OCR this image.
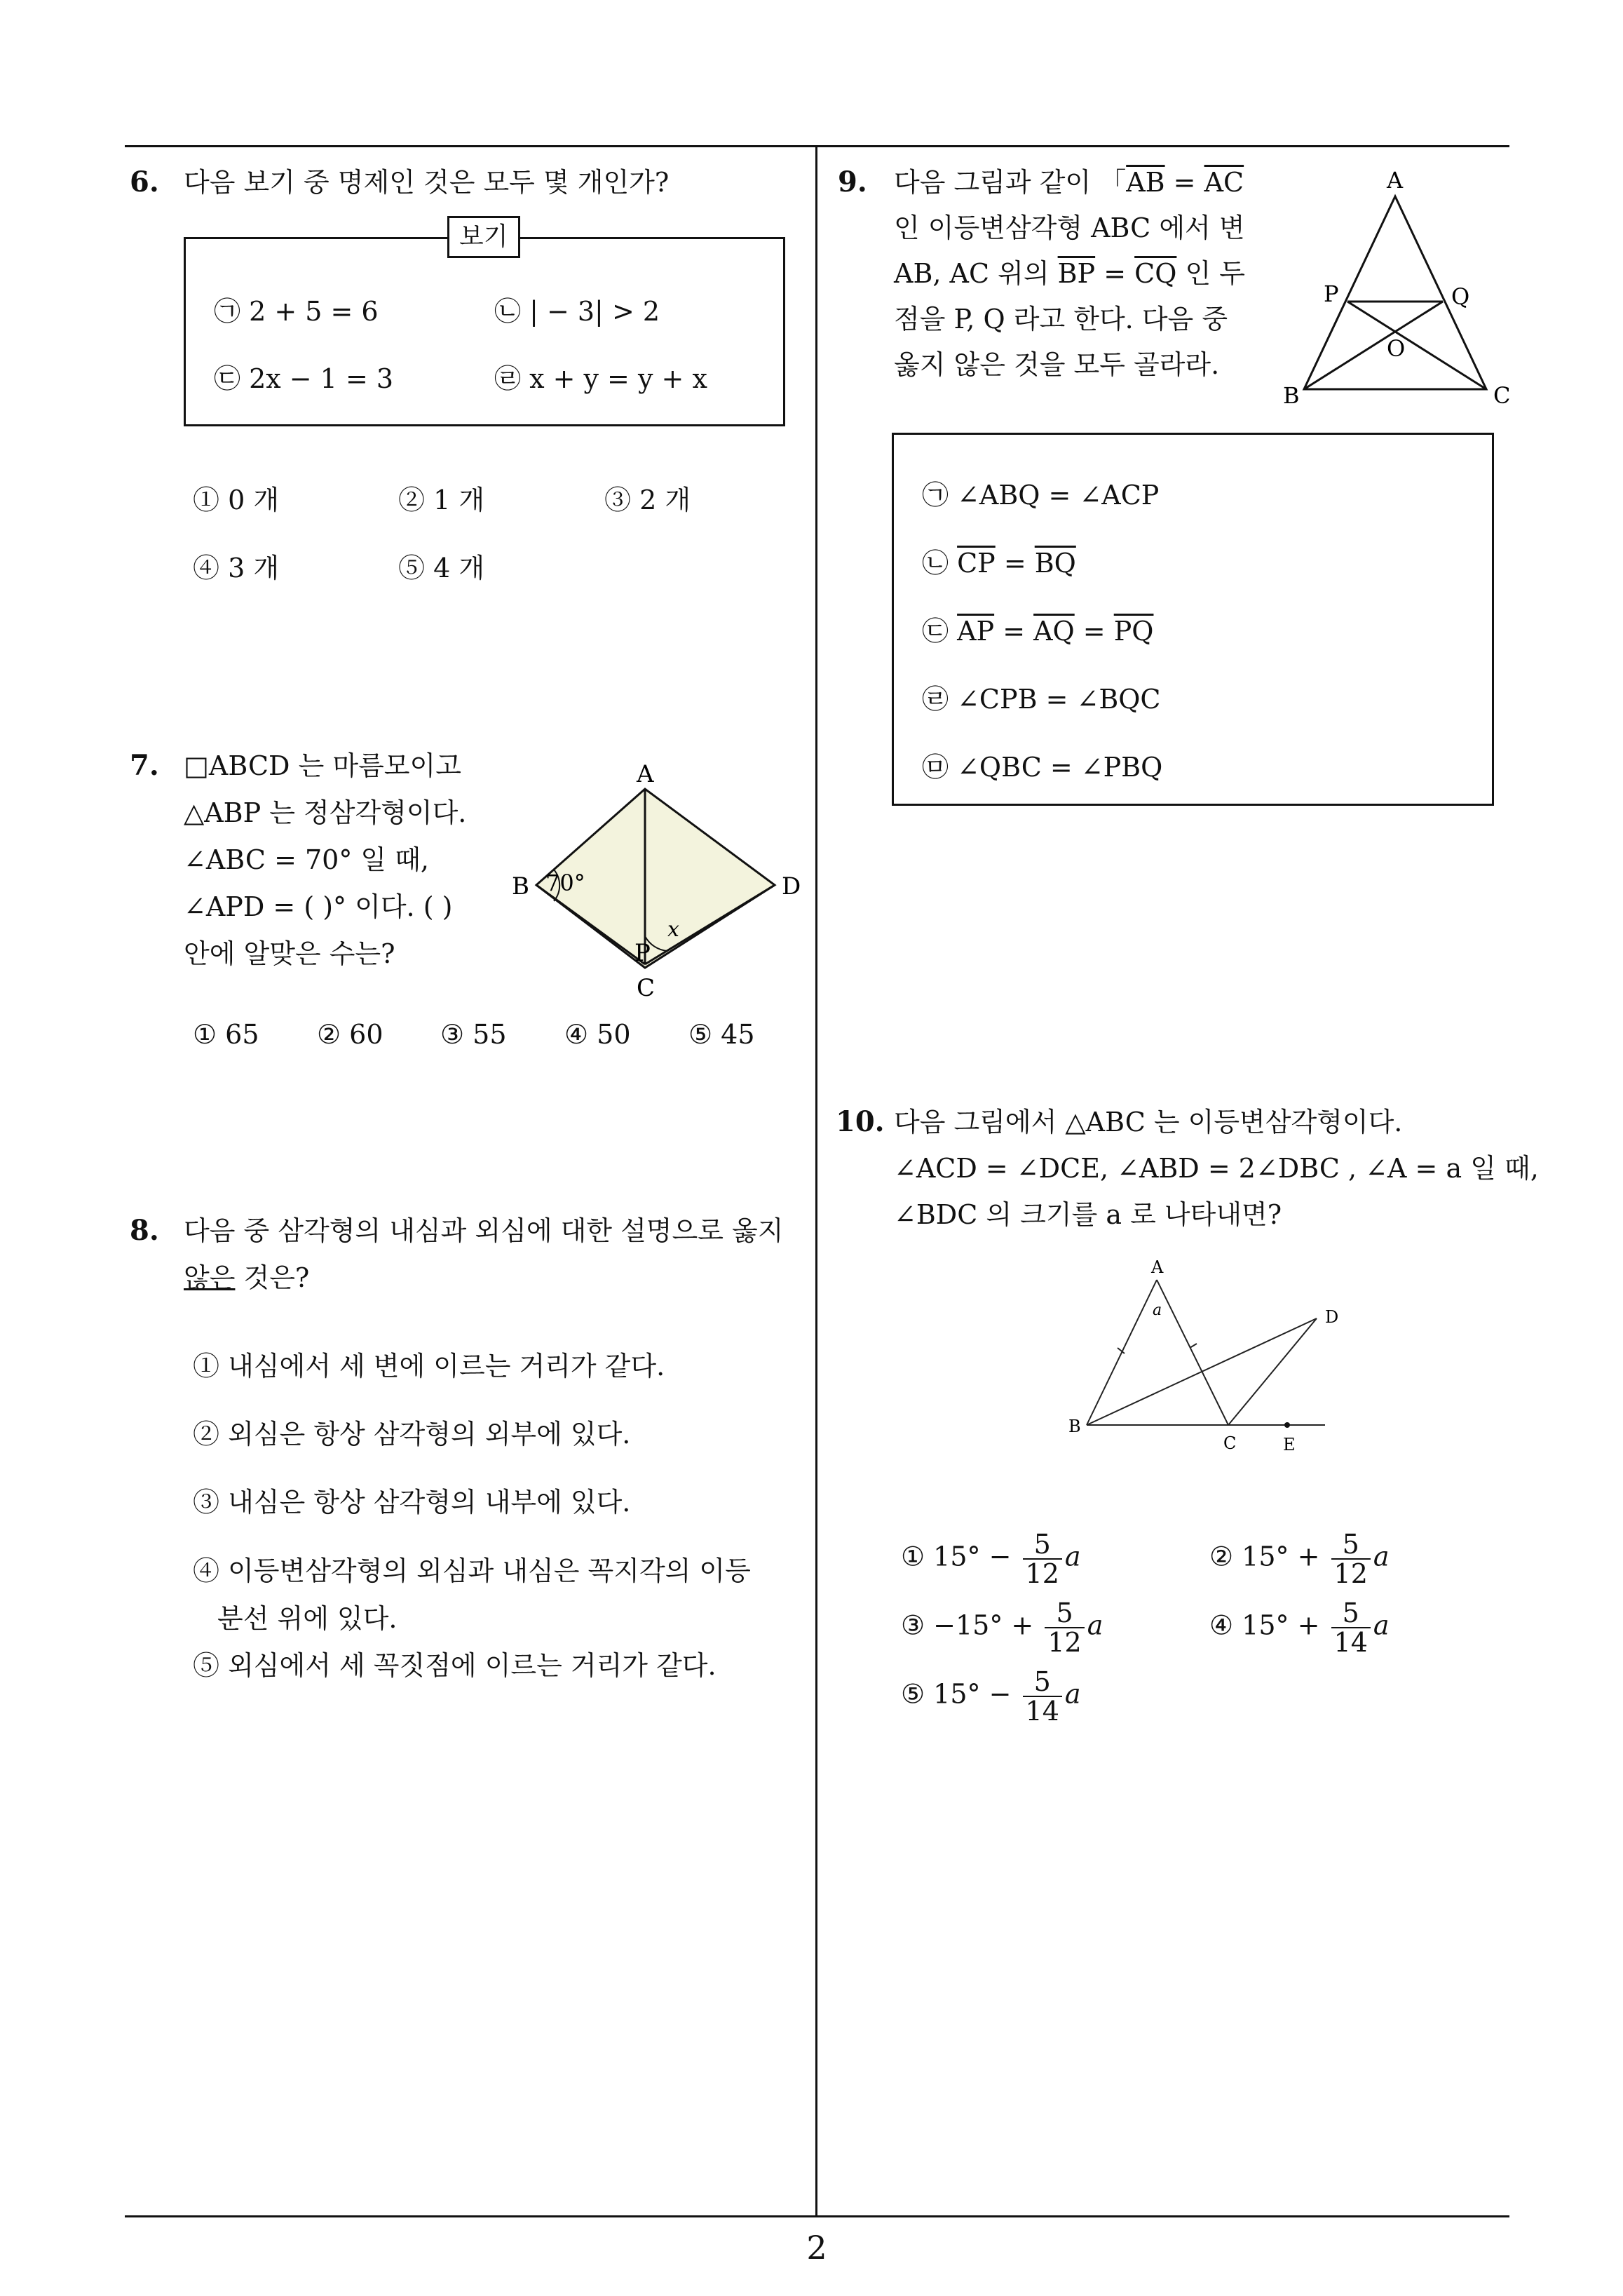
2
6. 다음 보기 중 명제인 것은 모두 몇 개인가?
보기
㉠ 2 + 5 = 6	㉡ | − 3| > 2
㉢ 2x − 1 = 3	㉣ x + y = y + x
① 0 개	② 1 개	③ 2 개
④ 3 개	⑤ 4 개
7. □ABCD 는 마름모이고
△ABP 는 정삼각형이다.
∠ABC = 70° 일 때,
∠APD = ( )° 이다. ( )
안에 알맞은 수는?
A
B	D
P
C
70°
x
① 65 ② 60 ③ 55 ④ 50 ⑤ 45
8. 다음 중 삼각형의 내심과 외심에 대한 설명으로 옳지
않은 것은?
① 내심에서 세 변에 이르는 거리가 같다.
② 외심은 항상 삼각형의 외부에 있다.
③ 내심은 항상 삼각형의 내부에 있다.
④ 이등변삼각형의 외심과 내심은 꼭지각의 이등
분선 위에 있다.
⑤ 외심에서 세 꼭짓점에 이르는 거리가 같다.
9. 다음 그림과 같이 「$\overline{AB} = \overline{AC}$
인 이등변삼각형 ABC 에서 변
AB, AC 위의 $\overline{BP} = \overline{CQ}$ 인 두
점을 P, Q 라고 한다. 다음 중
옳지 않은 것을 모두 골라라.
A
P	Q
O
B	C
㉠ ∠ABQ = ∠ACP
㉡ $\overline{CP} = \overline{BQ}$
㉢ $\overline{AP} = \overline{AQ} = \overline{PQ}$
㉣ ∠CPB = ∠BQC
㉤ ∠QBC = ∠PBQ
10. 다음 그림에서 △ABC 는 이등변삼각형이다.
∠ACD = ∠DCE, ∠ABD = 2∠DBC , ∠A = a 일 때,
∠BDC 의 크기를 a 로 나타내면?
A
a
B
C	E
D
① $15^\circ - \frac{5}{12}$ a	② $15^\circ + \frac{5}{12}$ a
③ $-15^\circ + \frac{5}{12}$ a	④ $15^\circ + \frac{5}{14}$ a
⑤ $15^\circ - \frac{5}{14}$ a
